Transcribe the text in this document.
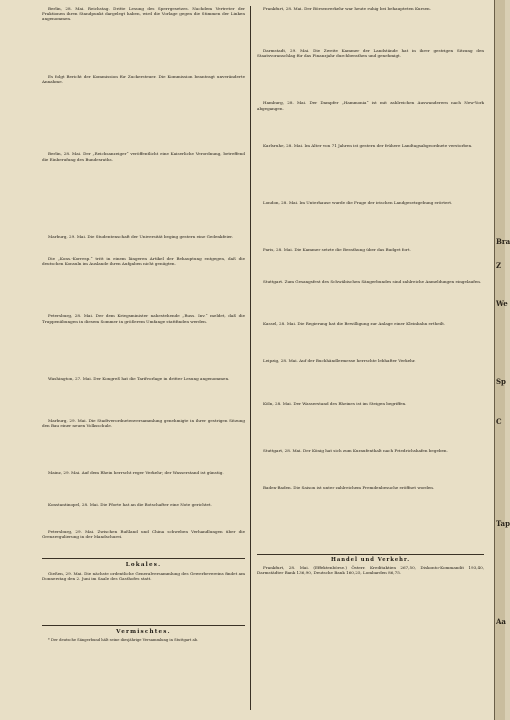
Berlin, 28. Mai. Reichstag. Dritte Lesung des Sperrgesetzes. Nachdem Vertreter der Fraktionen ihren Standpunkt dargelegt haben, wird die Vorlage gegen die Stimmen der Linken angenommen.

Es folgt Bericht der Kommission für Zuckersteuer. Die Kommission beantragt unveränderte Annahme.

Berlin, 28. Mai. Der „Reichsanzeiger“ veröffentlicht eine Kaiserliche Verordnung, betreffend die Einberufung des Bundesraths.

Marburg, 29. Mai. Die Studentenschaft der Universität beging gestern eine Gedenkfeier.

Die „Kons.-Korresp.“ tritt in einem längeren Artikel der Behauptung entgegen, daß die deutschen Konsuln im Auslande ihren Aufgaben nicht genügten.

Petersburg, 28. Mai. Der dem Kriegsminister nahestehende „Russ. Inv.“ meldet, daß die Truppenübungen in diesem Sommer in größerem Umfange stattfinden werden.

Washington, 27. Mai. Der Kongreß hat die Tarifvorlage in dritter Lesung angenommen.

Marburg, 29. Mai. Die Stadtverordnetenversammlung genehmigte in ihrer gestrigen Sitzung den Bau einer neuen Volksschule.

Mainz, 29. Mai. Auf dem Rhein herrscht reger Verkehr; der Wasserstand ist günstig.

Konstantinopel, 28. Mai. Die Pforte hat an die Botschafter eine Note gerichtet.

Petersburg, 29. Mai. Zwischen Rußland und China schweben Verhandlungen über die Grenzregulierung in der Mandschurei.

Lokales.

Gießen, 29. Mai. Die nächste ordentliche Generalversammlung des Gewerbevereins findet am Donnerstag den 2. Juni im Saale des Gasthofes statt.

Vermischtes.

* Der deutsche Sängerbund hält seine diesjährige Versammlung in Stuttgart ab.

Frankfurt, 28. Mai. Der Börsenverkehr war heute ruhig bei behaupteten Kursen.

Darmstadt, 29. Mai. Die Zweite Kammer der Landstände hat in ihrer gestrigen Sitzung den Staatsvoranschlag für das Finanzjahr durchberathen und genehmigt.

Hamburg, 28. Mai. Der Dampfer „Hammonia“ ist mit zahlreichen Auswanderern nach New-York abgegangen.

Karlsruhe, 28. Mai. Im Alter von 71 Jahren ist gestern der frühere Landtagsabgeordnete verstorben.

London, 28. Mai. Im Unterhause wurde die Frage der irischen Landgesetzgebung erörtert.

Paris, 28. Mai. Die Kammer setzte die Berathung über das Budget fort.

Stuttgart. Zum Gesangsfest des Schwäbischen Sängerbundes sind zahlreiche Anmeldungen eingelaufen.

Kassel, 28. Mai. Die Regierung hat die Bewilligung zur Anlage einer Kleinbahn ertheilt.

Leipzig, 28. Mai. Auf der Buchhändlermesse herrschte lebhafter Verkehr.

Köln, 28. Mai. Der Wasserstand des Rheines ist im Steigen begriffen.

Stuttgart, 28. Mai. Der König hat sich zum Kuraufenthalt nach Friedrichshafen begeben.

Baden-Baden. Die Saison ist unter zahlreichem Fremdenbesuche eröffnet worden.

Handel und Verkehr.

Frankfurt, 28. Mai. (Effektenbörse.) Österr. Kreditaktien 267,50, Diskonto-Kommandit 193,40, Darmstädter Bank 136,90, Deutsche Bank 160,25, Lombarden 86,75.

Bra
Z
We
Sp
C
Tap
Aa
